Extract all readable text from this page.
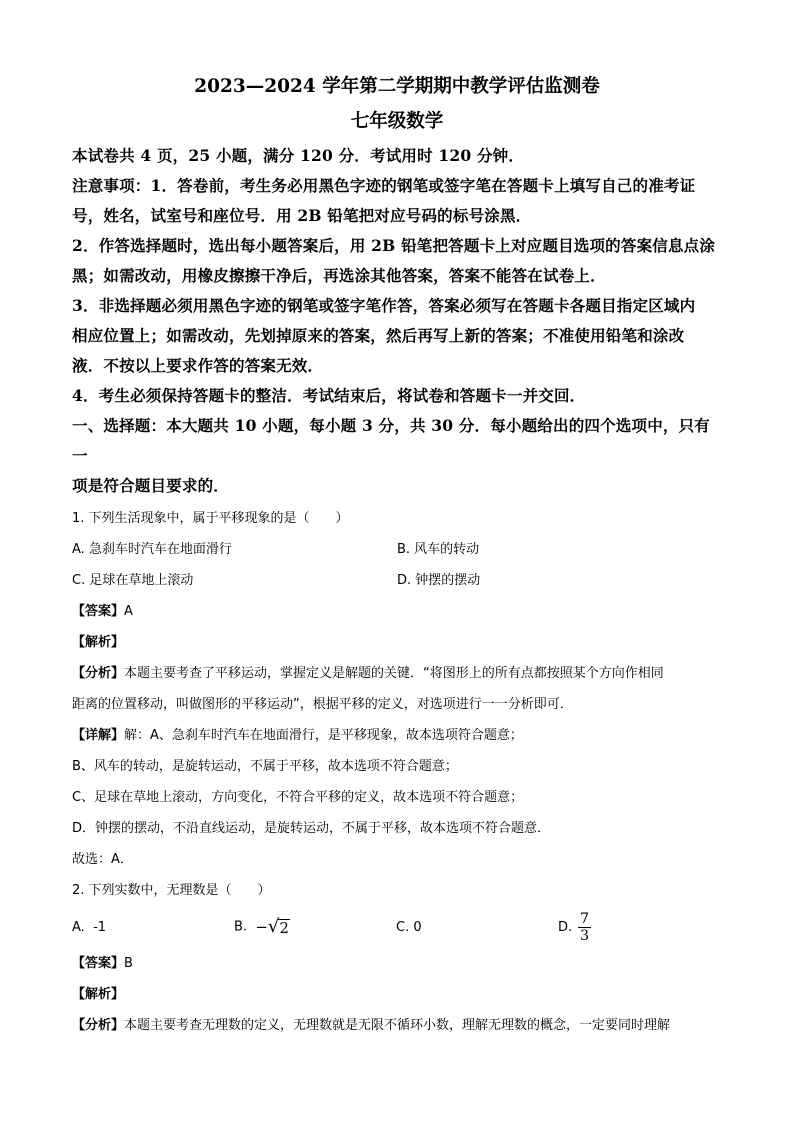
2023—2024 学年第二学期期中教学评估监测卷

七年级数学

本试卷共 4 页，25 小题，满分 120 分．考试用时 120 分钟．

注意事项：1．答卷前，考生务必用黑色字迹的钢笔或签字笔在答题卡上填写自己的准考证

号，姓名，试室号和座位号．用 2B 铅笔把对应号码的标号涂黑．

2．作答选择题时，选出每小题答案后，用 2B 铅笔把答题卡上对应题目选项的答案信息点涂

黑；如需改动，用橡皮擦擦干净后，再选涂其他答案，答案不能答在试卷上．

3．非选择题必须用黑色字迹的钢笔或签字笔作答，答案必须写在答题卡各题目指定区域内

相应位置上；如需改动，先划掉原来的答案，然后再写上新的答案；不准使用铅笔和涂改

液．不按以上要求作答的答案无效．

4．考生必须保持答题卡的整洁．考试结束后，将试卷和答题卡一并交回．

一、选择题：本大题共 10 小题，每小题 3 分，共 30 分．每小题给出的四个选项中，只有一

项是符合题目要求的．

1. 下列生活现象中，属于平移现象的是（　　）

A. 急刹车时汽车在地面滑行	B. 风车的转动
C. 足球在草地上滚动	D. 钟摆的摆动

【答案】A

【解析】

【分析】本题主要考查了平移运动，掌握定义是解题的关键．“将图形上的所有点都按照某个方向作相同

距离的位置移动，叫做图形的平移运动”，根据平移的定义，对选项进行一一分析即可．

【详解】解：A、急刹车时汽车在地面滑行，是平移现象，故本选项符合题意；

B、风车的转动，是旋转运动，不属于平移，故本选项不符合题意；

C、足球在草地上滚动，方向变化，不符合平移的定义，故本选项不符合题意；

D．钟摆的摆动，不沿直线运动，是旋转运动，不属于平移，故本选项不符合题意．

故选：A．

2. 下列实数中，无理数是（　　）

A. -1	B. − √ 2	C. 0	D. $\frac{7}{3}$

【答案】B

【解析】

【分析】本题主要考查无理数的定义，无理数就是无限不循环小数，理解无理数的概念，一定要同时理解
